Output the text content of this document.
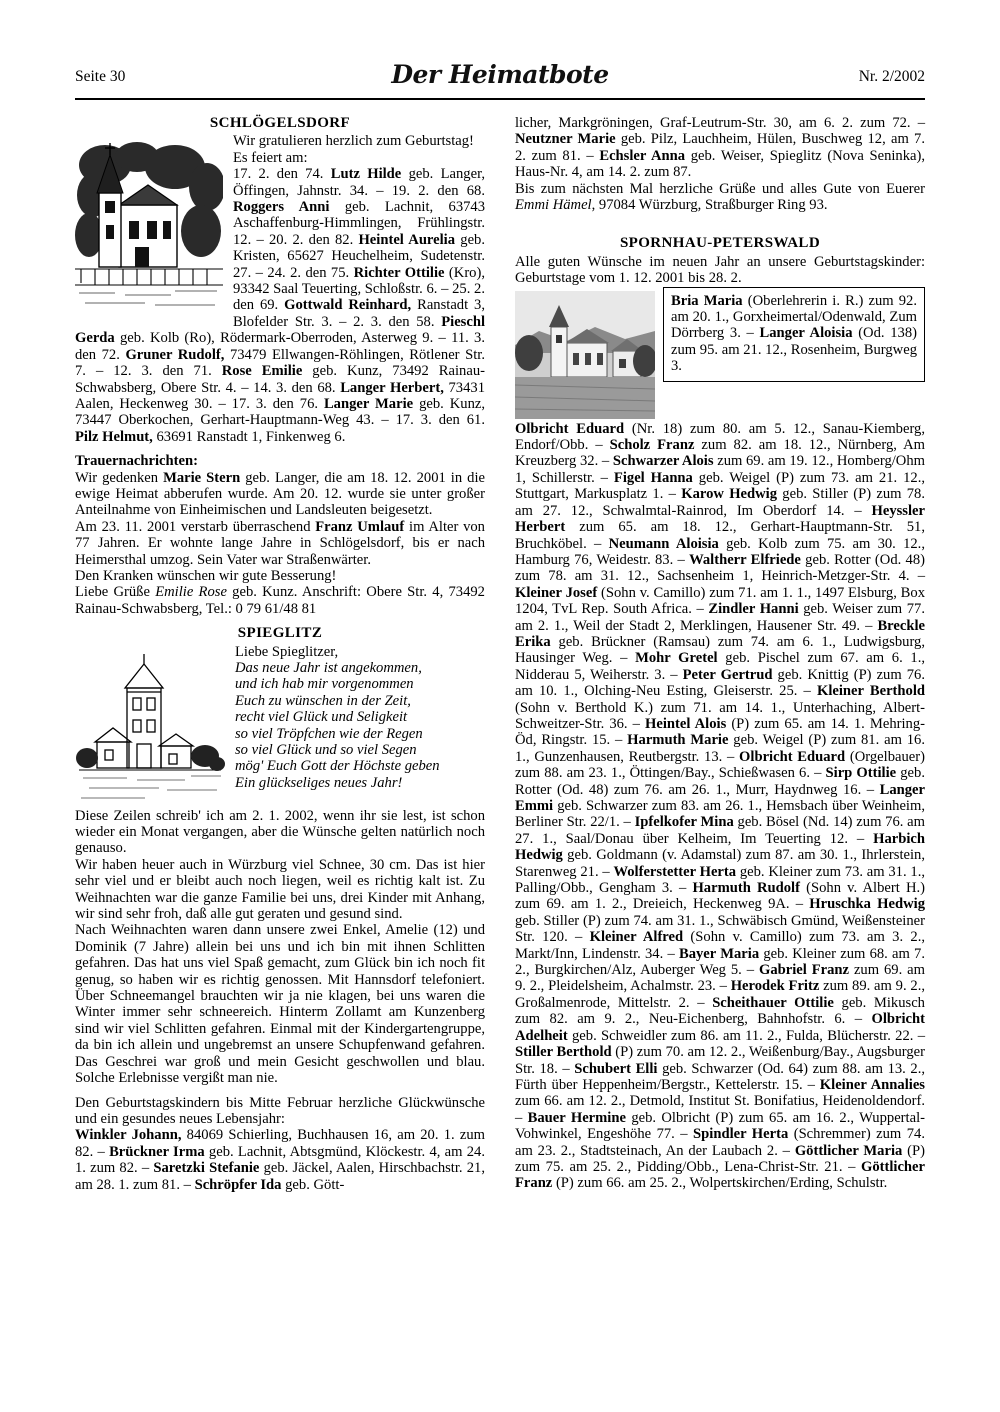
Seite 30	Der Heimatbote	Nr. 2/2002
SCHLÖGELSDORF

Wir gratulieren herzlich zum Geburtstag!

Es feiert am:

17. 2. den 74. Lutz Hilde geb. Langer, Öffingen, Jahnstr. 34. – 19. 2. den 68. Roggers Anni geb. Lachnit, 63743 Aschaffenburg-Himmlingen, Frühlingstr. 12. – 20. 2. den 82. Heintel Aurelia geb. Kristen, 65627 Heuchelheim, Sudetenstr. 27. – 24. 2. den 75. Richter Ottilie (Kro), 93342 Saal Teuerting, Schloßstr. 6. – 25. 2. den 69. Gottwald Reinhard, Ranstadt 3, Blofelder Str. 3. – 2. 3. den 58. Pieschl Gerda geb. Kolb (Ro), Rödermark-Oberroden, Asterweg 9. – 11. 3. den 72. Gruner Rudolf, 73479 Ellwangen-Röhlingen, Rötlener Str. 7. – 12. 3. den 71. Rose Emilie geb. Kunz, 73492 Rainau-Schwabsberg, Obere Str. 4. – 14. 3. den 68. Langer Herbert, 73431 Aalen, Heckenweg 30. – 17. 3. den 76. Langer Marie geb. Kunz, 73447 Oberkochen, Gerhart-Hauptmann-Weg 43. – 17. 3. den 61. Pilz Helmut, 63691 Ranstadt 1, Finkenweg 6.

Trauernachrichten:

Wir gedenken Marie Stern geb. Langer, die am 18. 12. 2001 in die ewige Heimat abberufen wurde. Am 20. 12. wurde sie unter großer Anteilnahme von Einheimischen und Landsleuten beigesetzt.

Am 23. 11. 2001 verstarb überraschend Franz Umlauf im Alter von 77 Jahren. Er wohnte lange Jahre in Schlögelsdorf, bis er nach Heimersthal umzog. Sein Vater war Straßenwärter.

Den Kranken wünschen wir gute Besserung!

Liebe Grüße Emilie Rose geb. Kunz. Anschrift: Obere Str. 4, 73492 Rainau-Schwabsberg, Tel.: 0 79 61/48 81

SPIEGLITZ

Liebe Spieglitzer,

Das neue Jahr ist angekommen,

und ich hab mir vorgenommen

Euch zu wünschen in der Zeit,

recht viel Glück und Seligkeit

so viel Tröpfchen wie der Regen

so viel Glück und so viel Segen

mög' Euch Gott der Höchste geben

Ein glückseliges neues Jahr!

Diese Zeilen schreib' ich am 2. 1. 2002, wenn ihr sie lest, ist schon wieder ein Monat vergangen, aber die Wünsche gelten natürlich noch genauso.

Wir haben heuer auch in Würzburg viel Schnee, 30 cm. Das ist hier sehr viel und er bleibt auch noch liegen, weil es richtig kalt ist. Zu Weihnachten war die ganze Familie bei uns, drei Kinder mit Anhang, wir sind sehr froh, daß alle gut geraten und gesund sind.

Nach Weihnachten waren dann unsere zwei Enkel, Amelie (12) und Dominik (7 Jahre) allein bei uns und ich bin mit ihnen Schlitten gefahren. Das hat uns viel Spaß gemacht, zum Glück bin ich noch fit genug, so haben wir es richtig genossen. Mit Hannsdorf telefoniert. Über Schneemangel brauchten wir ja nie klagen, bei uns waren die Winter immer sehr schneereich. Hinterm Zollamt am Kunzenberg sind wir viel Schlitten gefahren. Einmal mit der Kindergartengruppe, da bin ich allein und ungebremst an unsere Schupfenwand gefahren. Das Geschrei war groß und mein Gesicht geschwollen und blau. Solche Erlebnisse vergißt man nie.

Den Geburtstagskindern bis Mitte Februar herzliche Glückwünsche und ein gesundes neues Lebensjahr:

Winkler Johann, 84069 Schierling, Buchhausen 16, am 20. 1. zum 82. – Brückner Irma geb. Lachnit, Abtsgmünd, Klöckestr. 4, am 24. 1. zum 82. – Saretzki Stefanie geb. Jäckel, Aalen, Hirschbachstr. 21, am 28. 1. zum 81. – Schröpfer Ida geb. Gött-

licher, Markgröningen, Graf-Leutrum-Str. 30, am 6. 2. zum 72. – Neutzner Marie geb. Pilz, Lauchheim, Hülen, Buschweg 12, am 7. 2. zum 81. – Echsler Anna geb. Weiser, Spieglitz (Nova Seninka), Haus-Nr. 4, am 14. 2. zum 87.

Bis zum nächsten Mal herzliche Grüße und alles Gute von Euerer Emmi Hämel, 97084 Würzburg, Straßburger Ring 93.

SPORNHAU-PETERSWALD

Alle guten Wünsche im neuen Jahr an unsere Geburtstagskinder: Geburtstage vom 1. 12. 2001 bis 28. 2.

Bria Maria (Oberlehrerin i. R.) zum 92. am 20. 1., Gorxheimertal/Odenwald, Zum Dörrberg 3. – Langer Aloisia (Od. 138) zum 95. am 21. 12., Rosenheim, Burgweg 3.

Olbricht Eduard (Nr. 18) zum 80. am 5. 12., Sanau-Kiemberg, Endorf/Obb. – Scholz Franz zum 82. am 18. 12., Nürnberg, Am Kreuzberg 32. – Schwarzer Alois zum 69. am 19. 12., Homberg/Ohm 1, Schillerstr. – Figel Hanna geb. Weigel (P) zum 73. am 21. 12., Stuttgart, Markusplatz 1. – Karow Hedwig geb. Stiller (P) zum 78. am 27. 12., Schwalmtal-Rainrod, Im Oberdorf 14. – Heyssler Herbert zum 65. am 18. 12., Gerhart-Hauptmann-Str. 51, Bruchköbel. – Neumann Aloisia geb. Kolb zum 75. am 30. 12., Hamburg 76, Weidestr. 83. – Waltherr Elfriede geb. Rotter (Od. 48) zum 78. am 31. 12., Sachsenheim 1, Heinrich-Metzger-Str. 4. – Kleiner Josef (Sohn v. Camillo) zum 71. am 1. 1., 1497 Elsburg, Box 1204, TvL Rep. South Africa. – Zindler Hanni geb. Weiser zum 77. am 2. 1., Weil der Stadt 2, Merklingen, Hausener Str. 49. – Breckle Erika geb. Brückner (Ramsau) zum 74. am 6. 1., Ludwigsburg, Hausinger Weg. – Mohr Gretel geb. Pischel zum 67. am 6. 1., Nidderau 5, Weiherstr. 3. – Peter Gertrud geb. Knittig (P) zum 76. am 10. 1., Olching-Neu Esting, Gleiserstr. 25. – Kleiner Berthold (Sohn v. Berthold K.) zum 71. am 14. 1., Unterhaching, Albert-Schweitzer-Str. 36. – Heintel Alois (P) zum 65. am 14. 1. Mehring-Öd, Ringstr. 15. – Harmuth Marie geb. Weigel (P) zum 81. am 16. 1., Gunzenhausen, Reutbergstr. 13. – Olbricht Eduard (Orgelbauer) zum 88. am 23. 1., Öttingen/Bay., Schießwasen 6. – Sirp Ottilie geb. Rotter (Od. 48) zum 76. am 26. 1., Murr, Haydnweg 16. – Langer Emmi geb. Schwarzer zum 83. am 26. 1., Hemsbach über Weinheim, Berliner Str. 22/1. – Ipfelkofer Mina geb. Bösel (Nd. 14) zum 76. am 27. 1., Saal/Donau über Kelheim, Im Teuerting 12. – Harbich Hedwig geb. Goldmann (v. Adamstal) zum 87. am 30. 1., Ihrlerstein, Starenweg 21. – Wolferstetter Herta geb. Kleiner zum 73. am 31. 1., Palling/Obb., Gengham 3. – Harmuth Rudolf (Sohn v. Albert H.) zum 69. am 1. 2., Dreieich, Heckenweg 9A. – Hruschka Hedwig geb. Stiller (P) zum 74. am 31. 1., Schwäbisch Gmünd, Weißensteiner Str. 120. – Kleiner Alfred (Sohn v. Camillo) zum 73. am 3. 2., Markt/Inn, Lindenstr. 34. – Bayer Maria geb. Kleiner zum 68. am 7. 2., Burgkirchen/Alz, Auberger Weg 5. – Gabriel Franz zum 69. am 9. 2., Pleidelsheim, Achalmstr. 23. – Herodek Fritz zum 89. am 9. 2., Großalmenrode, Mittelstr. 2. – Scheithauer Ottilie geb. Mikusch zum 82. am 9. 2., Neu-Eichenberg, Bahnhofstr. 6. – Olbricht Adelheit geb. Schweidler zum 86. am 11. 2., Fulda, Blücherstr. 22. – Stiller Berthold (P) zum 70. am 12. 2., Weißenburg/Bay., Augsburger Str. 18. – Schubert Elli geb. Schwarzer (Od. 64) zum 88. am 13. 2., Fürth über Heppenheim/Bergstr., Kettelerstr. 15. – Kleiner Annalies zum 66. am 12. 2., Detmold, Institut St. Bonifatius, Heidenoldendorf. – Bauer Hermine geb. Olbricht (P) zum 65. am 16. 2., Wuppertal-Vohwinkel, Engeshöhe 77. – Spindler Herta (Schremmer) zum 74. am 23. 2., Stadtsteinach, An der Laubach 2. – Göttlicher Maria (P) zum 75. am 25. 2., Pidding/Obb., Lena-Christ-Str. 21. – Göttlicher Franz (P) zum 66. am 25. 2., Wolpertskirchen/Erding, Schulstr.
